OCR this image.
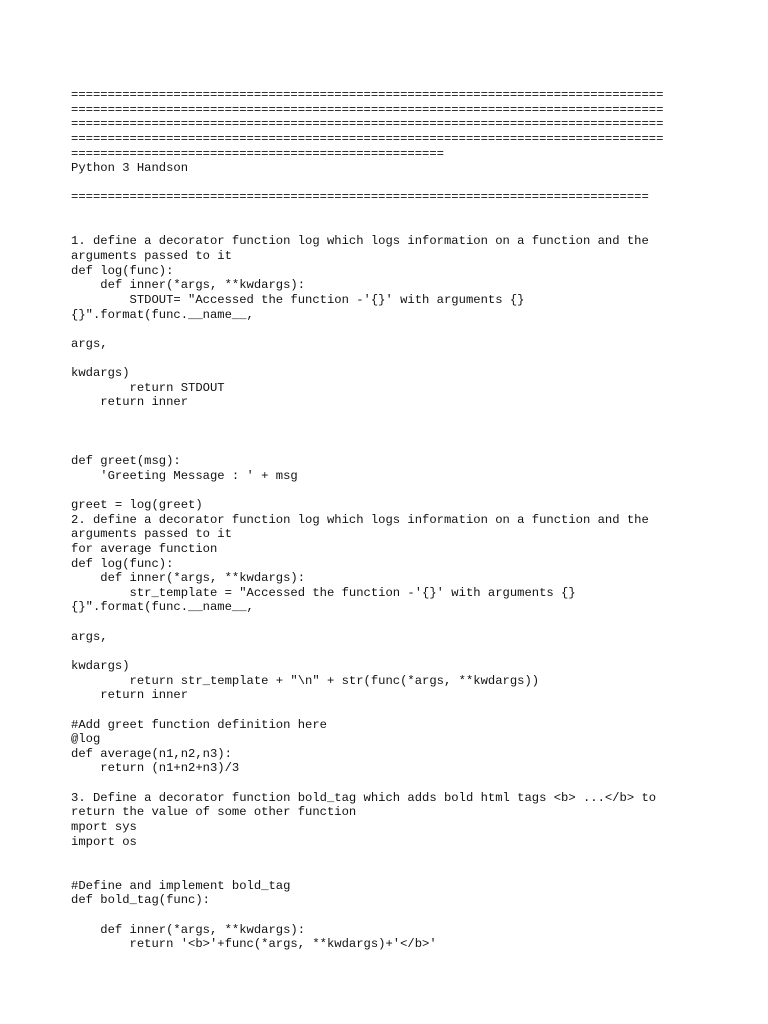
=================================================================================
=================================================================================
=================================================================================
=================================================================================
===================================================
Python 3 Handson
===============================================================================
1. define a decorator function log which logs information on a function and the
arguments passed to it
def log(func):
def inner(*args, **kwdargs):
STDOUT= "Accessed the function -'{}' with arguments {}
{}".format(func.__name__,
args,
kwdargs)
return STDOUT
return inner
def greet(msg):
'Greeting Message : ' + msg
greet = log(greet)
2. define a decorator function log which logs information on a function and the
arguments passed to it
for average function
def log(func):
def inner(*args, **kwdargs):
str_template = "Accessed the function -'{}' with arguments {}
{}".format(func.__name__,
args,
kwdargs)
return str_template + "\n" + str(func(*args, **kwdargs))
return inner
#Add greet function definition here
@log
def average(n1,n2,n3):
return (n1+n2+n3)/3
3. Define a decorator function bold_tag which adds bold html tags <b> ...</b> to
return the value of some other function
mport sys
import os
#Define and implement bold_tag
def bold_tag(func):
def inner(*args, **kwdargs):
return '<b>'+func(*args, **kwdargs)+'</b>'
